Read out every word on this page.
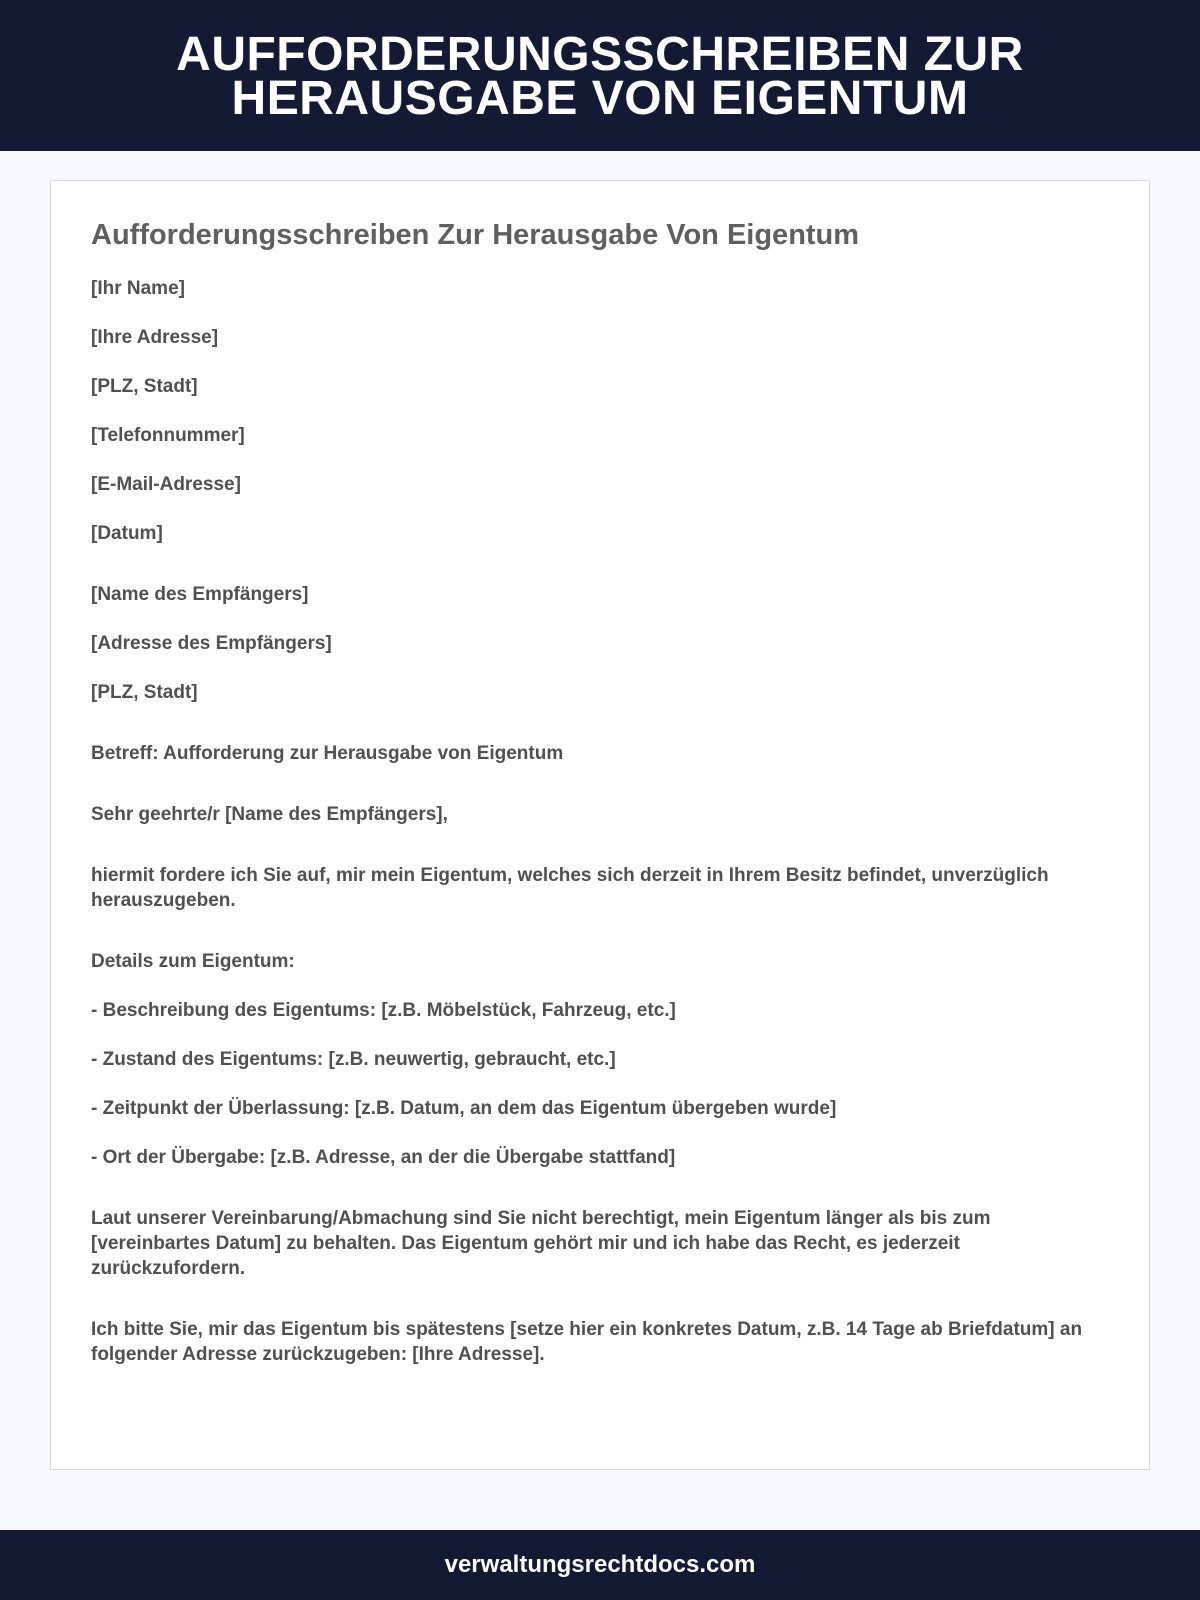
AUFFORDERUNGSSCHREIBEN ZUR
HERAUSGABE VON EIGENTUM
Aufforderungsschreiben Zur Herausgabe Von Eigentum

[Ihr Name]

[Ihre Adresse]

[PLZ, Stadt]

[Telefonnummer]

[E-Mail-Adresse]

[Datum]

[Name des Empfängers]

[Adresse des Empfängers]

[PLZ, Stadt]

Betreff: Aufforderung zur Herausgabe von Eigentum

Sehr geehrte/r [Name des Empfängers],

hiermit fordere ich Sie auf, mir mein Eigentum, welches sich derzeit in Ihrem Besitz befindet, unverzüglich herauszugeben.

Details zum Eigentum:

- Beschreibung des Eigentums: [z.B. Möbelstück, Fahrzeug, etc.]

- Zustand des Eigentums: [z.B. neuwertig, gebraucht, etc.]

- Zeitpunkt der Überlassung: [z.B. Datum, an dem das Eigentum übergeben wurde]

- Ort der Übergabe: [z.B. Adresse, an der die Übergabe stattfand]

Laut unserer Vereinbarung/Abmachung sind Sie nicht berechtigt, mein Eigentum länger als bis zum [vereinbartes Datum] zu behalten. Das Eigentum gehört mir und ich habe das Recht, es jederzeit zurückzufordern.

Ich bitte Sie, mir das Eigentum bis spätestens [setze hier ein konkretes Datum, z.B. 14 Tage ab Briefdatum] an folgender Adresse zurückzugeben: [Ihre Adresse].

verwaltungsrechtdocs.com
